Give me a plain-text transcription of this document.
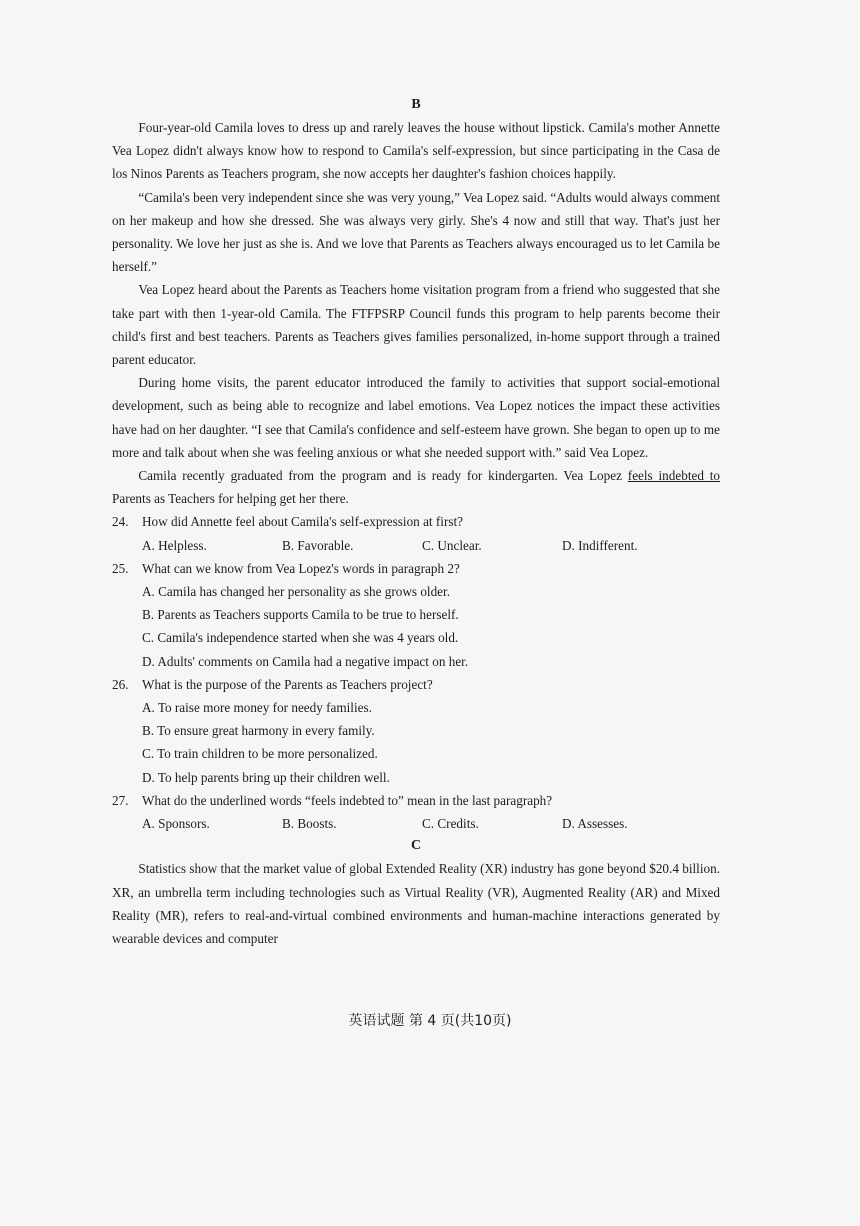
B

Four-year-old Camila loves to dress up and rarely leaves the house without lipstick. Camila's mother Annette Vea Lopez didn't always know how to respond to Camila's self-expression, but since participating in the Casa de los Ninos Parents as Teachers program, she now accepts her daughter's fashion choices happily.

“Camila's been very independent since she was very young,” Vea Lopez said. “Adults would always comment on her makeup and how she dressed. She was always very girly. She's 4 now and still that way. That's just her personality. We love her just as she is. And we love that Parents as Teachers always encouraged us to let Camila be herself.”

Vea Lopez heard about the Parents as Teachers home visitation program from a friend who suggested that she take part with then 1-year-old Camila. The FTFPSRP Council funds this program to help parents become their child's first and best teachers. Parents as Teachers gives families personalized, in-home support through a trained parent educator.

During home visits, the parent educator introduced the family to activities that support social-emotional development, such as being able to recognize and label emotions. Vea Lopez notices the impact these activities have had on her daughter. “I see that Camila's confidence and self-esteem have grown. She began to open up to me more and talk about when she was feeling anxious or what she needed support with.” said Vea Lopez.

Camila recently graduated from the program and is ready for kindergarten. Vea Lopez feels indebted to Parents as Teachers for helping get her there.

24. How did Annette feel about Camila's self-expression at first?

A. Helpless.	B. Favorable.	C. Unclear.	D. Indifferent.

25. What can we know from Vea Lopez's words in paragraph 2?

A. Camila has changed her personality as she grows older.

B. Parents as Teachers supports Camila to be true to herself.

C. Camila's independence started when she was 4 years old.

D. Adults' comments on Camila had a negative impact on her.

26. What is the purpose of the Parents as Teachers project?

A. To raise more money for needy families.

B. To ensure great harmony in every family.

C. To train children to be more personalized.

D. To help parents bring up their children well.

27. What do the underlined words “feels indebted to” mean in the last paragraph?

A. Sponsors.	B. Boosts.	C. Credits.	D. Assesses.

C

Statistics show that the market value of global Extended Reality (XR) industry has gone beyond $20.4 billion. XR, an umbrella term including technologies such as Virtual Reality (VR), Augmented Reality (AR) and Mixed Reality (MR), refers to real-and-virtual combined environments and human-machine interactions generated by wearable devices and computer

英语试题 第 4 页(共10页)
